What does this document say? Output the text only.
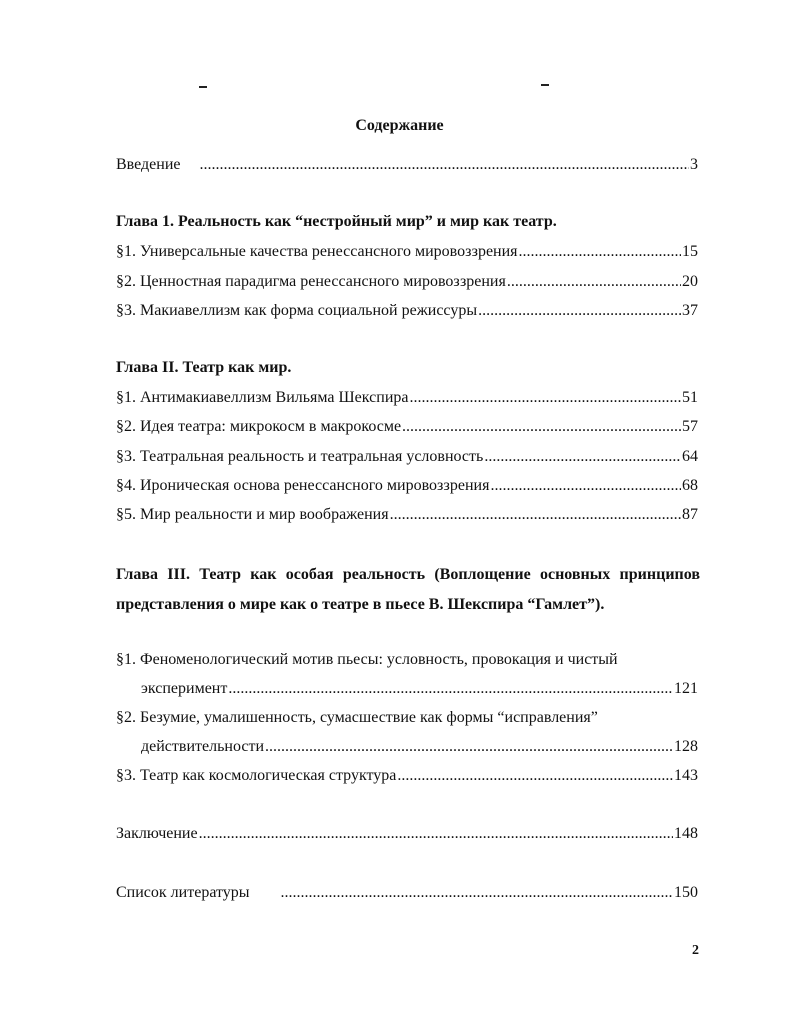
Содержание
Введение .....	3
Глава 1. Реальность как “нестройный мир” и мир как театр.
§1. Универсальные качества ренессансного мировоззрения .....	15
§2. Ценностная парадигма ренессансного мировоззрения .....	20
§3. Макиавеллизм как форма социальной режиссуры .....	37
Глава II. Театр как мир.
§1. Антимакиавеллизм Вильяма Шекспира .....	51
§2. Идея театра: микрокосм в макрокосме .....	57
§3. Театральная реальность и театральная условность .....	64
§4. Ироническая основа ренессансного мировоззрения .....	68
§5. Мир реальности и мир воображения .....	87
Глава III. Театр как особая реальность (Воплощение основных принципов представления о мире как о театре в пьесе В. Шекспира “Гамлет”).
§1. Феноменологический мотив пьесы: условность, провокация и чистый
эксперимент .....	121
§2. Безумие, умалишенность, сумасшествие как формы “исправления”
действительности .....	128
§3. Театр как космологическая структура .....	143
Заключение .....	148
Список литературы .....	150
2
